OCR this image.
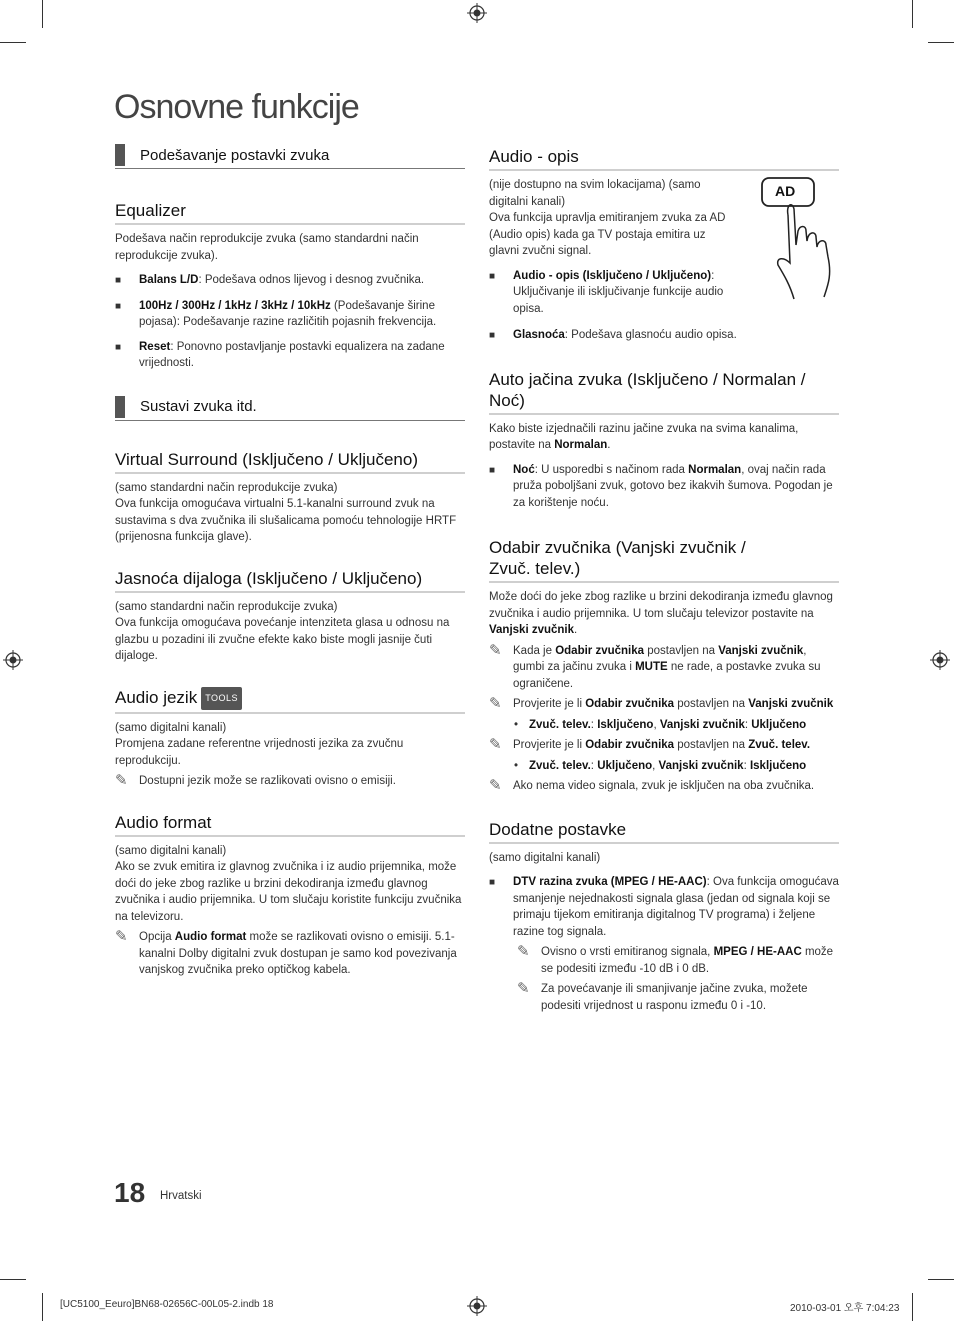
Osnovne funkcije
Podešavanje postavki zvuka
Equalizer
Podešava način reprodukcije zvuka (samo standardni način reprodukcije zvuka).
■	Balans L/D: Podešava odnos lijevog i desnog zvučnika.
■	100Hz / 300Hz / 1kHz / 3kHz / 10kHz (Podešavanje širine pojasa): Podešavanje razine različitih pojasnih frekvencija.
■	Reset: Ponovno postavljanje postavki equalizera na zadane vrijednosti.
Sustavi zvuka itd.
Virtual Surround (Isključeno / Uključeno)
(samo standardni način reprodukcije zvuka)
Ova funkcija omogućava virtualni 5.1-kanalni surround zvuk na sustavima s dva zvučnika ili slušalicama pomoću tehnologije HRTF (prijenosna funkcija glave).
Jasnoća dijaloga (Isključeno / Uključeno)
(samo standardni način reprodukcije zvuka)
Ova funkcija omogućava povećanje intenziteta glasa u odnosu na glazbu u pozadini ili zvučne efekte kako biste mogli jasnije čuti dijaloge.
Audio jezik TOOLS
(samo digitalni kanali)
Promjena zadane referentne vrijednosti jezika za zvučnu reprodukciju.
✎ Dostupni jezik može se razlikovati ovisno o emisiji.
Audio format
(samo digitalni kanali)
Ako se zvuk emitira iz glavnog zvučnika i iz audio prijemnika, može doći do jeke zbog razlike u brzini dekodiranja između glavnog zvučnika i audio prijemnika. U tom slučaju koristite funkciju zvučnika na televizoru.
✎ Opcija Audio format može se razlikovati ovisno o emisiji. 5.1-kanalni Dolby digitalni zvuk dostupan je samo kod povezivanja vanjskog zvučnika preko optičkog kabela.
Audio - opis
(nije dostupno na svim lokacijama) (samo digitalni kanali)
Ova funkcija upravlja emitiranjem zvuka za AD (Audio opis) kada ga TV postaja emitira uz glavni zvučni signal.
■	Audio - opis (Isključeno / Uključeno): Uključivanje ili isključivanje funkcije audio opisa.
■	Glasnoća: Podešava glasnoću audio opisa.
Auto jačina zvuka (Isključeno / Normalan / Noć)
Kako biste izjednačili razinu jačine zvuka na svima kanalima, postavite na Normalan.
■	Noć: U usporedbi s načinom rada Normalan, ovaj način rada pruža poboljšani zvuk, gotovo bez ikakvih šumova. Pogodan je za korištenje noću.
Odabir zvučnika (Vanjski zvučnik / Zvuč. telev.)
Može doći do jeke zbog razlike u brzini dekodiranja između glavnog zvučnika i audio prijemnika. U tom slučaju televizor postavite na Vanjski zvučnik.
✎ Kada je Odabir zvučnika postavljen na Vanjski zvučnik, gumbi za jačinu zvuka i MUTE ne rade, a postavke zvuka su ograničene.
✎ Provjerite je li Odabir zvučnika postavljen na Vanjski zvučnik
• Zvuč. telev.: Isključeno, Vanjski zvučnik: Uključeno
✎ Provjerite je li Odabir zvučnika postavljen na Zvuč. telev.
• Zvuč. telev.: Uključeno, Vanjski zvučnik: Isključeno
✎ Ako nema video signala, zvuk je isključen na oba zvučnika.
Dodatne postavke
(samo digitalni kanali)
■	DTV razina zvuka (MPEG / HE-AAC): Ova funkcija omogućava smanjenje nejednakosti signala glasa (jedan od signala koji se primaju tijekom emitiranja digitalnog TV programa) i željene razine tog signala.
✎ Ovisno o vrsti emitiranog signala, MPEG / HE-AAC može se podesiti između -10 dB i 0 dB.
✎ Za povećavanje ili smanjivanje jačine zvuka, možete podesiti vrijednost u rasponu između 0 i -10.
AD
18 Hrvatski
[UC5100_Eeuro]BN68-02656C-00L05-2.indb 18	2010-03-01 오후 7:04:23
